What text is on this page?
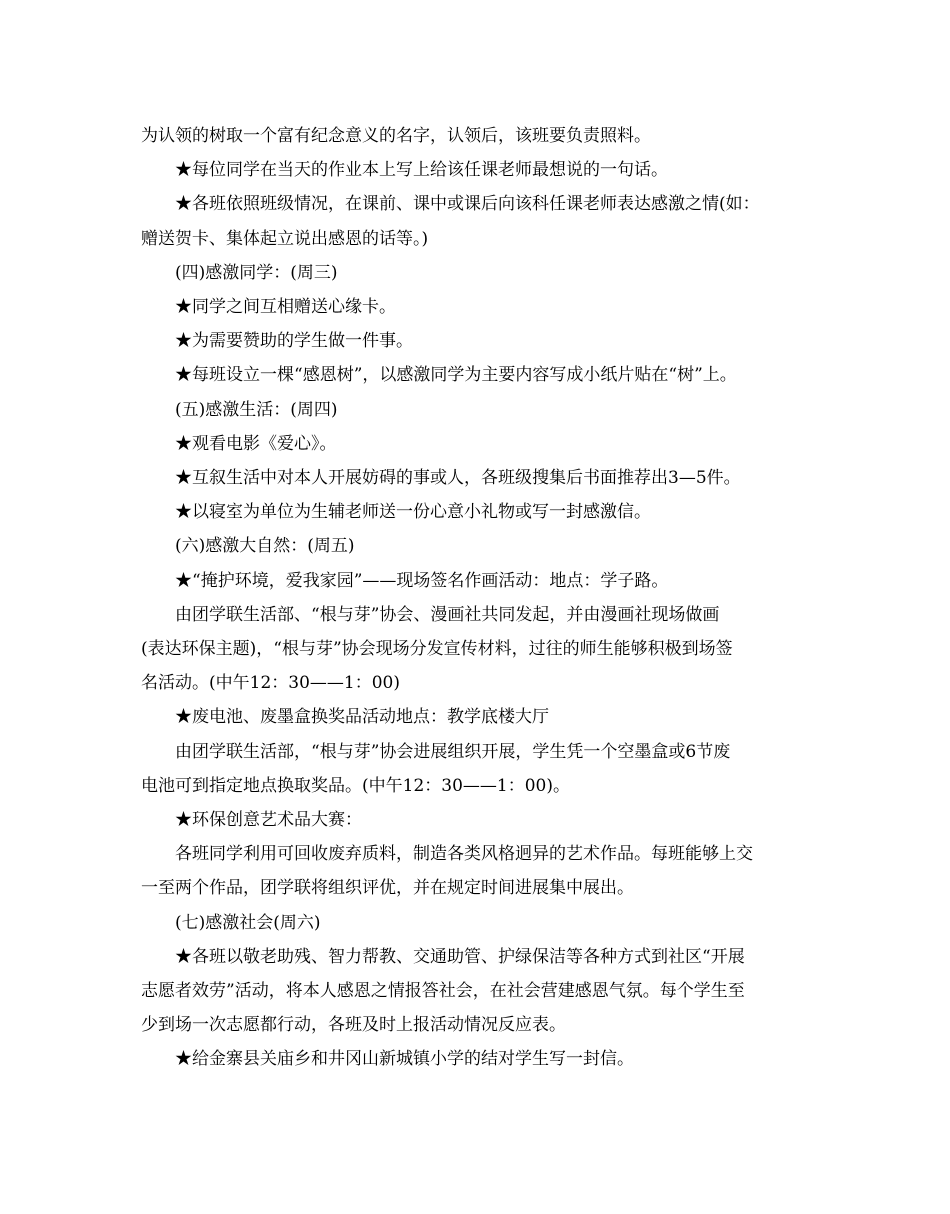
为认领的树取一个富有纪念意义的名字，认领后，该班要负责照料。

★每位同学在当天的作业本上写上给该任课老师最想说的一句话。

★各班依照班级情况，在课前、课中或课后向该科任课老师表达感激之情(如：

赠送贺卡、集体起立说出感恩的话等。)

(四)感激同学：(周三)

★同学之间互相赠送心缘卡。

★为需要赞助的学生做一件事。

★每班设立一棵“感恩树”，以感激同学为主要内容写成小纸片贴在“树”上。

(五)感激生活：(周四)

★观看电影《爱心》。

★互叙生活中对本人开展妨碍的事或人，各班级搜集后书面推荐出3—5件。

★以寝室为单位为生辅老师送一份心意小礼物或写一封感激信。

(六)感激大自然：(周五)

★“掩护环境，爱我家园”——现场签名作画活动：地点：学子路。

由团学联生活部、“根与芽”协会、漫画社共同发起，并由漫画社现场做画

(表达环保主题)，“根与芽”协会现场分发宣传材料，过往的师生能够积极到场签

名活动。(中午12：30——1：00)

★废电池、废墨盒换奖品活动地点：教学底楼大厅

由团学联生活部，“根与芽”协会进展组织开展，学生凭一个空墨盒或6节废

电池可到指定地点换取奖品。(中午12：30——1：00)。

★环保创意艺术品大赛：

各班同学利用可回收废弃质料，制造各类风格迥异的艺术作品。每班能够上交

一至两个作品，团学联将组织评优，并在规定时间进展集中展出。

(七)感激社会(周六)

★各班以敬老助残、智力帮教、交通助管、护绿保洁等各种方式到社区“开展

志愿者效劳”活动，将本人感恩之情报答社会，在社会营建感恩气氛。每个学生至

少到场一次志愿都行动，各班及时上报活动情况反应表。

★给金寨县关庙乡和井冈山新城镇小学的结对学生写一封信。
